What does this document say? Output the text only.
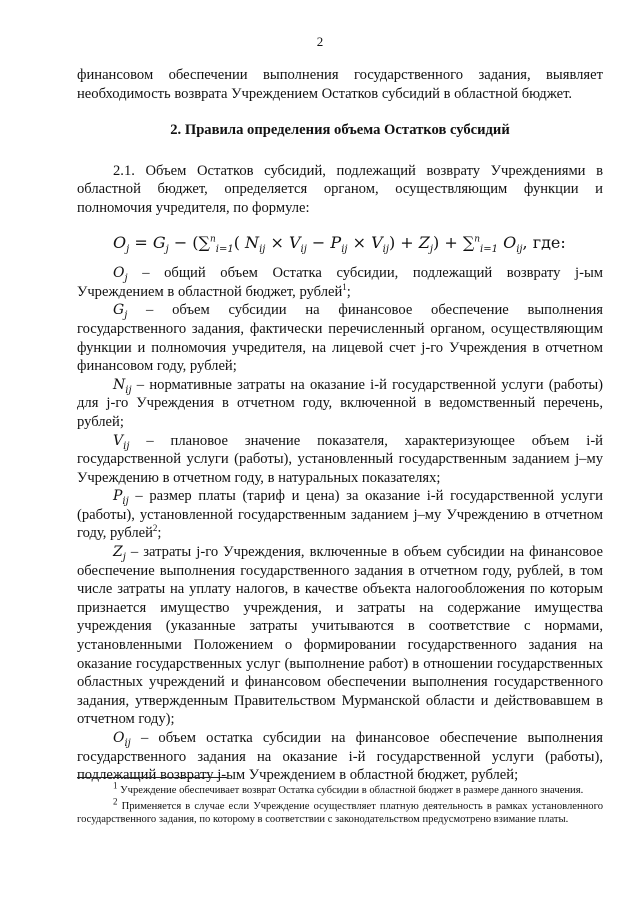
2

финансовом обеспечении выполнения государственного задания, выявляет необходимость возврата Учреждением Остатков субсидий в областной бюджет.

2. Правила определения объема Остатков субсидий

2.1. Объем Остатков субсидий, подлежащий возврату Учреждениями в областной бюджет, определяется органом, осуществляющим функции и полномочия учредителя, по формуле:

$O_j = G_j - (\sum^n_{i=1}$( $N_{ij} \times V_{ij} - P_{ij} \times V_{ij}) + Z_j) + \sum^n_{i=1}$ $O_{ij}$, где:

$O_j$ – общий объем Остатка субсидии, подлежащий возврату j-ым Учреждением в областной бюджет, рублей$^1$;

$G_j$ – объем субсидии на финансовое обеспечение выполнения государственного задания, фактически перечисленный органом, осуществляющим функции и полномочия учредителя, на лицевой счет j-го Учреждения в отчетном финансовом году, рублей;

$N_{ij}$ – нормативные затраты на оказание i-й государственной услуги (работы) для j-го Учреждения в отчетном году, включенной в ведомственный перечень, рублей;

$V_{ij}$ – плановое значение показателя, характеризующее объем i-й государственной услуги (работы), установленный государственным заданием j–му Учреждению в отчетном году, в натуральных показателях;

$P_{ij}$ – размер платы (тариф и цена) за оказание i-й государственной услуги (работы), установленной государственным заданием j–му Учреждению в отчетном году, рублей$^2$;

$Z_j$ – затраты j-го Учреждения, включенные в объем субсидии на финансовое обеспечение выполнения государственного задания в отчетном году, рублей, в том числе затраты на уплату налогов, в качестве объекта налогообложения по которым признается имущество учреждения, и затраты на содержание имущества учреждения (указанные затраты учитываются в соответствие с нормами, установленными Положением о формировании государственного задания на оказание государственных услуг (выполнение работ) в отношении государственных областных учреждений и финансовом обеспечении выполнения государственного задания, утвержденным Правительством Мурманской области и действовавшем в отчетном году);

$O_{ij}$ – объем остатка субсидии на финансовое обеспечение выполнения государственного задания на оказание i-й государственной услуги (работы), подлежащий возврату j-ым Учреждением в областной бюджет, рублей;

$^1$ Учреждение обеспечивает возврат Остатка субсидии в областной бюджет в размере данного значения.

$^2$ Применяется в случае если Учреждение осуществляет платную деятельность в рамках установленного государственного задания, по которому в соответствии с законодательством предусмотрено взимание платы.
